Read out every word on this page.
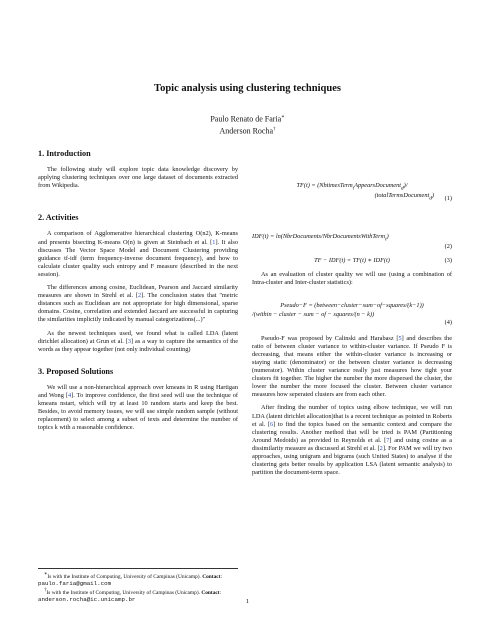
Topic analysis using clustering techniques
Paulo Renato de Faria∗
Anderson Rocha†
1. Introduction

The following study will explore topic data knowledge discovery by applying clustering techniques over one large dataset of documents extracted from Wikipedia.

2. Activities

A comparison of Agglomerative hierarchical clustering O(n2), K-means and presents bisecting K-means O(n) is given at Steinbach et al. [1]. It also discusses The Vector Space Model and Document Clustering providing guidance tf-idf (term frequency-inverse document frequency), and how to calculate cluster quality such entropy and F measure (described in the next session).

The differences among cosine, Euclidean, Pearson and Jaccard similarity measures are shown in Strehl et al. [2]. The conclusion states that "metric distances such as Euclidean are not appropriate for high dimensional, sparse domains. Cosine, correlation and extended Jaccard are successful in capturing the similarities implicitly indicated by manual categorizations(...)"

As the newest techniques used, we found what is called LDA (latent dirichlet allocation) at Grun et al. [3] as a way to capture the semantics of the words as they appear together (not only individual counting)

3. Proposed Solutions

We will use a non-hierarchical approach over kmeans in R using Hartigan and Wong [4]. To improve confidence, the first seed will use the technique of kmeans nstart, which will try at least 10 random starts and keep the best. Besides, to avoid memory issues, we will use simple random sample (without replacement) to select among a subset of texts and determine the number of topics k with a reasonable confidence.

TF(t) = (NbtimesTerm$_t$AppearsDocument$_d$)/
(totalTermsDocument$_d$)	(1)
IDF(t) = ln(NbrDocuments/NbrDocumentsWithTerm$_t$)
(2)
TF − IDF(t) = TF(t) ∗ IDF(t)	(3)

As an evaluation of cluster quality we will use (using a combination of Intra-cluster and Inter-cluster statistics):

Pseudo−F = (between−cluster−sum−of−squares/(k−1))
/(within − cluster − sum − of − squares/(n − k))
(4)

Pseudo-F was proposed by Calinski and Harabasz [5] and describes the ratio of between cluster variance to within-cluster variance. If Pseudo F is decreasing, that means either the within-cluster variance is increasing or staying static (denominator) or the between cluster variance is decreasing (numerator). Within cluster variance really just measures how tight your clusters fit together. The higher the number the more dispersed the cluster, the lower the number the more focused the cluster. Between cluster variance measures how seperated clusters are from each other.

After finding the number of topics using elbow technique, we will run LDA (latent dirichlet allocation)that is a recent technique as pointed in Roberts et al. [6] to find the topics based on the semantic context and compare the clustering results. Another method that will be tried is PAM (Partitioning Around Medoids) as provided in Reynolds et al. [7] and using cosine as a dissimilarity measure as discussed at Strehl et al. [2]. For PAM we will try two approaches, using unigram and bigrams (such United States) to analyse if the clustering gets better results by application LSA (latent semantic analysis) to partition the document-term space.

∗Is with the Institute of Computing, University of Campinas (Unicamp). Contact: paulo.faria@gmail.com

†Is with the Institute of Computing, University of Campinas (Unicamp). Contact: anderson.rocha@ic.unicamp.br	1
